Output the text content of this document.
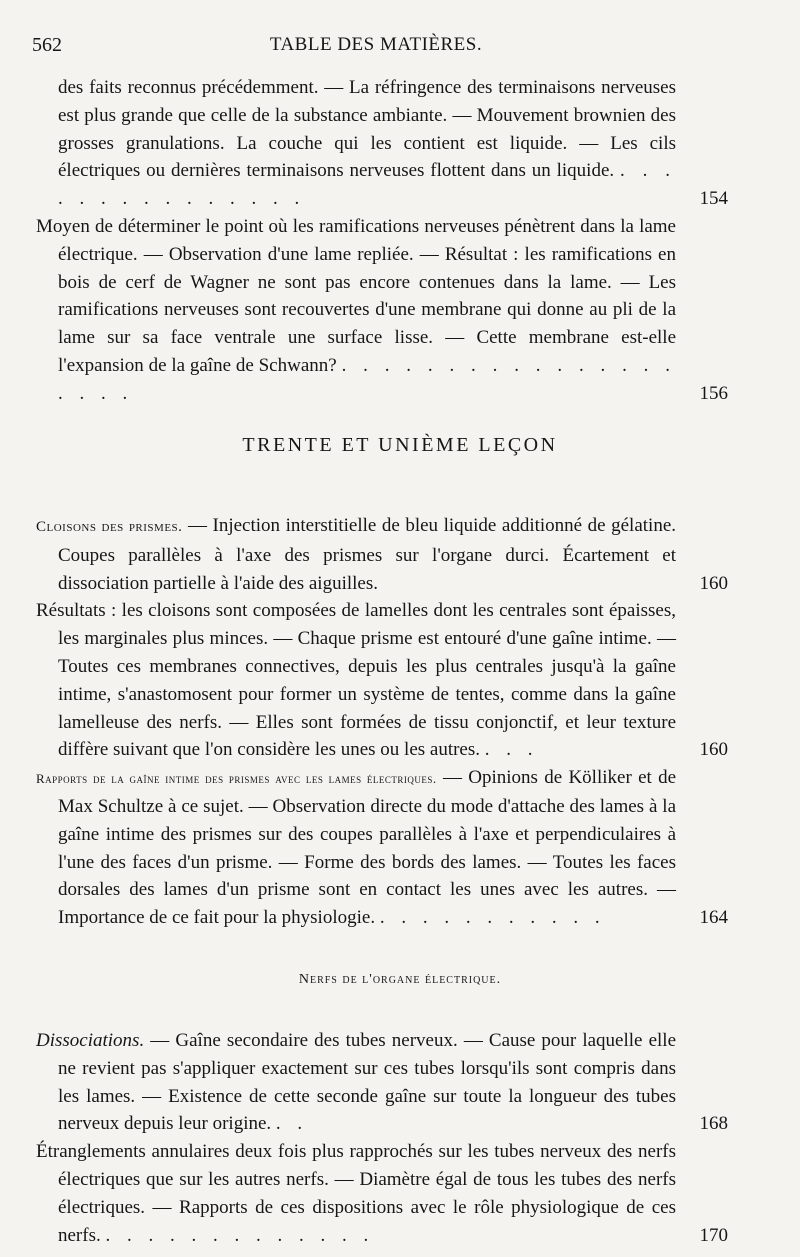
562	TABLE DES MATIÈRES.
des faits reconnus précédemment. — La réfringence des terminaisons nerveuses est plus grande que celle de la substance ambiante. — Mouvement brownien des grosses granulations. La couche qui les contient est liquide. — Les cils électriques ou dernières terminaisons nerveuses flottent dans un liquide. . . . . . . . . . . . . . . .	154
Moyen de déterminer le point où les ramifications nerveuses pénètrent dans la lame électrique. — Observation d'une lame repliée. — Résultat : les ramifications en bois de cerf de Wagner ne sont pas encore contenues dans la lame. — Les ramifications nerveuses sont recouvertes d'une membrane qui donne au pli de la lame sur sa face ventrale une surface lisse. — Cette membrane est-elle l'expansion de la gaîne de Schwann? . . . . . . . . . . . . . . . . . . . .	156
TRENTE ET UNIÈME LEÇON
Cloisons des prismes. — Injection interstitielle de bleu liquide additionné de gélatine. Coupes parallèles à l'axe des prismes sur l'organe durci. Écartement et dissociation partielle à l'aide des aiguilles.	160
Résultats : les cloisons sont composées de lamelles dont les centrales sont épaisses, les marginales plus minces. — Chaque prisme est entouré d'une gaîne intime. — Toutes ces membranes connectives, depuis les plus centrales jusqu'à la gaîne intime, s'anastomosent pour former un système de tentes, comme dans la gaîne lamelleuse des nerfs. — Elles sont formées de tissu conjonctif, et leur texture diffère suivant que l'on considère les unes ou les autres. . . .	160
Rapports de la gaîne intime des prismes avec les lames électriques. — Opinions de Kölliker et de Max Schultze à ce sujet. — Observation directe du mode d'attache des lames à la gaîne intime des prismes sur des coupes parallèles à l'axe et perpendiculaires à l'une des faces d'un prisme. — Forme des bords des lames. — Toutes les faces dorsales des lames d'un prisme sont en contact les unes avec les autres. — Importance de ce fait pour la physiologie. . . . . . . . . . . .	164
Nerfs de l'organe électrique.
Dissociations. — Gaîne secondaire des tubes nerveux. — Cause pour laquelle elle ne revient pas s'appliquer exactement sur ces tubes lorsqu'ils sont compris dans les lames. — Existence de cette seconde gaîne sur toute la longueur des tubes nerveux depuis leur origine. . .	168
Étranglements annulaires deux fois plus rapprochés sur les tubes nerveux des nerfs électriques que sur les autres nerfs. — Diamètre égal de tous les tubes des nerfs électriques. — Rapports de ces dispositions avec le rôle physiologique de ces nerfs. . . . . . . . . . . . . .	170
